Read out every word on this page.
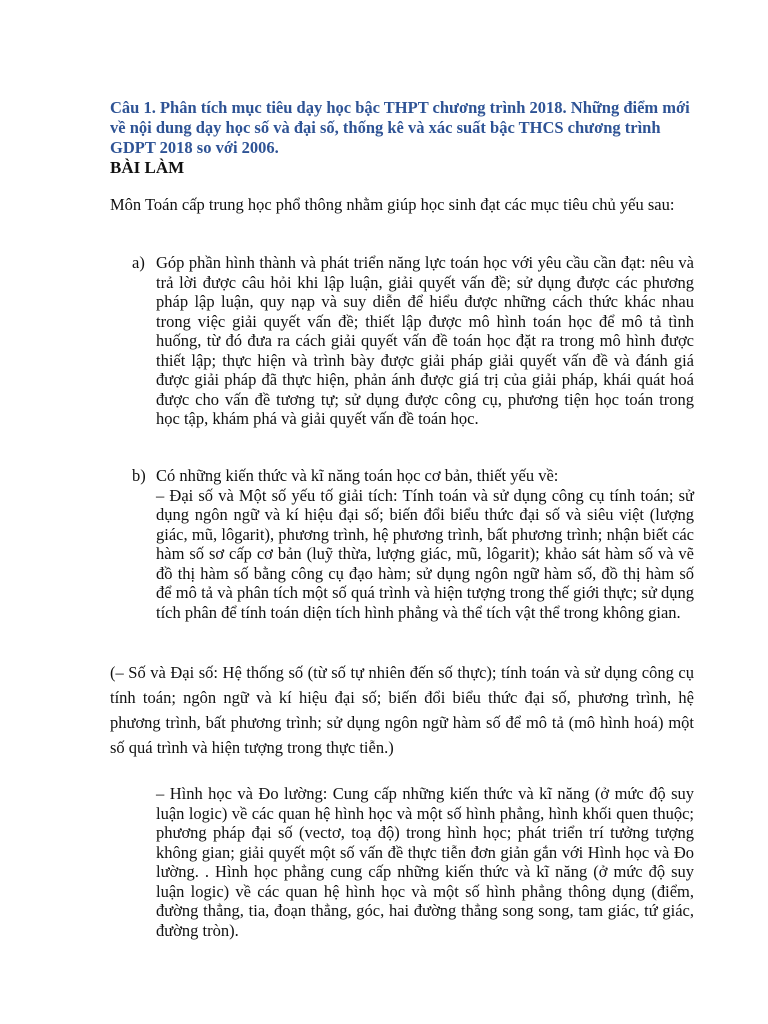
Câu 1. Phân tích mục tiêu dạy học bậc THPT chương trình 2018. Những điểm mới về nội dung dạy học số và đại số, thống kê và xác suất bậc THCS chương trình GDPT 2018 so với 2006.

BÀI LÀM

Môn Toán cấp trung học phổ thông nhằm giúp học sinh đạt các mục tiêu chủ yếu sau:

a) Góp phần hình thành và phát triển năng lực toán học với yêu cầu cần đạt: nêu và trả lời được câu hỏi khi lập luận, giải quyết vấn đề; sử dụng được các phương pháp lập luận, quy nạp và suy diễn để hiểu được những cách thức khác nhau trong việc giải quyết vấn đề; thiết lập được mô hình toán học để mô tả tình huống, từ đó đưa ra cách giải quyết vấn đề toán học đặt ra trong mô hình được thiết lập; thực hiện và trình bày được giải pháp giải quyết vấn đề và đánh giá được giải pháp đã thực hiện, phản ánh được giá trị của giải pháp, khái quát hoá được cho vấn đề tương tự; sử dụng được công cụ, phương tiện học toán trong học tập, khám phá và giải quyết vấn đề toán học.

b) Có những kiến thức và kĩ năng toán học cơ bản, thiết yếu về:

– Đại số và Một số yếu tố giải tích: Tính toán và sử dụng công cụ tính toán; sử dụng ngôn ngữ và kí hiệu đại số; biến đổi biểu thức đại số và siêu việt (lượng giác, mũ, lôgarit), phương trình, hệ phương trình, bất phương trình; nhận biết các hàm số sơ cấp cơ bản (luỹ thừa, lượng giác, mũ, lôgarit); khảo sát hàm số và vẽ đồ thị hàm số bằng công cụ đạo hàm; sử dụng ngôn ngữ hàm số, đồ thị hàm số để mô tả và phân tích một số quá trình và hiện tượng trong thế giới thực; sử dụng tích phân để tính toán diện tích hình phẳng và thể tích vật thể trong không gian.

(– Số và Đại số: Hệ thống số (từ số tự nhiên đến số thực); tính toán và sử dụng công cụ tính toán; ngôn ngữ và kí hiệu đại số; biến đổi biểu thức đại số, phương trình, hệ phương trình, bất phương trình; sử dụng ngôn ngữ hàm số để mô tả (mô hình hoá) một số quá trình và hiện tượng trong thực tiễn.)

– Hình học và Đo lường: Cung cấp những kiến thức và kĩ năng (ở mức độ suy luận logic) về các quan hệ hình học và một số hình phẳng, hình khối quen thuộc; phương pháp đại số (vectơ, toạ độ) trong hình học; phát triển trí tưởng tượng không gian; giải quyết một số vấn đề thực tiễn đơn giản gắn với Hình học và Đo lường. . Hình học phẳng cung cấp những kiến thức và kĩ năng (ở mức độ suy luận logic) về các quan hệ hình học và một số hình phẳng thông dụng (điểm, đường thẳng, tia, đoạn thẳng, góc, hai đường thẳng song song, tam giác, tứ giác, đường tròn).
